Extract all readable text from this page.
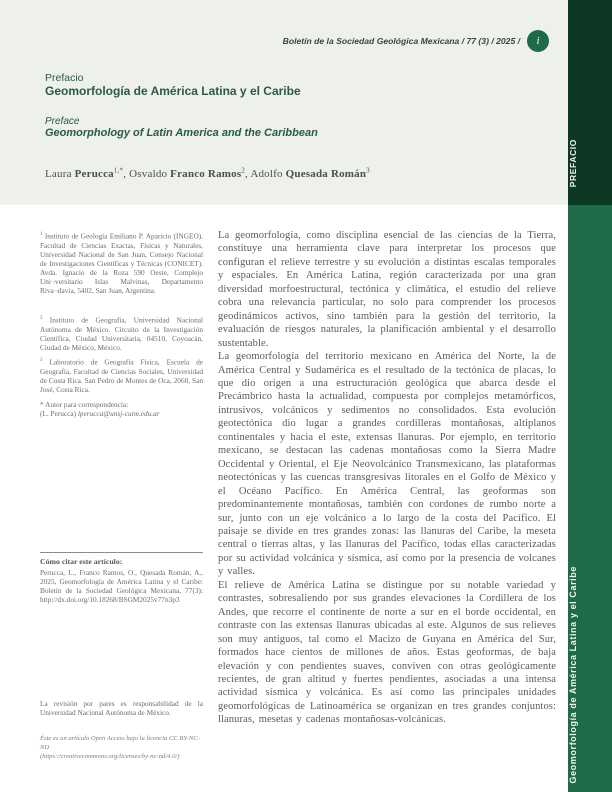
PREFACIO
Geomorfología de América Latina y el Caribe
Boletín de la Sociedad Geológica Mexicana / 77 (3) / 2025 /	i
Prefacio
Geomorfología de América Latina y el Caribe
Preface
Geomorphology of Latin America and the Caribbean
Laura Perucca$^{1,*}$, Osvaldo Franco Ramos$^2$, Adolfo Quesada Román$^3$
$^1$ Instituto de Geología Emiliano P. Aparicio (INGEO). Facultad de Ciencias Exactas, Físicas y Naturales, Universidad Nacional de San Juan, Consejo Nacional de Investigaciones Científicas y Técnicas (CONICET). Avda. Ignacio de la Roza 590 Oeste, Complejo Uni¬versitario Islas Malvinas, Departamento Riva¬davia, 5402, San Juan, Argentina.
$^2$ Instituto de Geografía, Universidad Nacional Autónoma de México. Circuito de la Investigación Científica, Ciudad Universitaria, 04510, Coyoacán, Ciudad de México, México.
$^3$ Laboratorio de Geografía Física, Escuela de Geografía, Facultad de Ciencias Sociales, Universidad de Costa Rica. San Pedro de Montes de Oca, 2060, San José, Costa Rica.
* Autor para correspondencia:
(L. Perucca) lperucca@unsj-cuim.edu.ar

Cómo citar este artículo:

Perucca, L., Franco Ramos, O., Quesada Román, A., 2025, Geomorfología de América Latina y el Caribe: Boletín de la Sociedad Geológica Mexicana, 77(3): http://dx.doi.org/10.18268/BSGM2025v77n3p3
La revisión por pares es responsabilidad de la Universidad Nacional Autónoma de México.
Éste es un artículo Open Access bajo la licencia CC BY-NC-ND
(https://creativecommons.org/licenses/by-nc-nd/4.0/)

La geomorfología, como disciplina esencial de las ciencias de la Tierra, constituye una herramienta clave para interpretar los procesos que configuran el relieve terrestre y su evolución a distintas escalas temporales y espaciales. En América Latina, región caracterizada por una gran diversidad morfoestructural, tectónica y climática, el estudio del relieve cobra una relevancia particular, no solo para comprender los procesos geodinámicos activos, sino también para la gestión del territorio, la evaluación de riesgos naturales, la planificación ambiental y el desarrollo sustentable.

La geomorfología del territorio mexicano en América del Norte, la de América Central y Sudamérica es el resultado de la tectónica de placas, lo que dio origen a una estructuración geológica que abarca desde el Precámbrico hasta la actualidad, compuesta por complejos metamórficos, intrusivos, volcánicos y sedimentos no consolidados. Esta evolución geotectónica dio lugar a grandes cordilleras montañosas, altiplanos continentales y hacia el este, extensas llanuras. Por ejemplo, en territorio mexicano, se destacan las cadenas montañosas como la Sierra Madre Occidental y Oriental, el Eje Neovolcánico Transmexicano, las plataformas neotectónicas y las cuencas transgresivas litorales en el Golfo de México y el Océano Pacífico. En América Central, las geoformas son predominantemente montañosas, también con cordones de rumbo norte a sur, junto con un eje volcánico a lo largo de la costa del Pacífico. El paisaje se divide en tres grandes zonas: las llanuras del Caribe, la meseta central o tierras altas, y las llanuras del Pacífico, todas ellas caracterizadas por su actividad volcánica y sísmica, así como por la presencia de volcanes y valles.

El relieve de América Latina se distingue por su notable variedad y contrastes, sobresaliendo por sus grandes elevaciones la Cordillera de los Andes, que recorre el continente de norte a sur en el borde occidental, en contraste con las extensas llanuras ubicadas al este. Algunos de sus relieves son muy antiguos, tal como el Macizo de Guyana en América del Sur, formados hace cientos de millones de años. Estas geoformas, de baja elevación y con pendientes suaves, conviven con otras geológicamente recientes, de gran altitud y fuertes pendientes, asociadas a una intensa actividad sísmica y volcánica. Es así como las principales unidades geomorfológicas de Latinoamérica se organizan en tres grandes conjuntos: llanuras, mesetas y cadenas montañosas-volcánicas.
